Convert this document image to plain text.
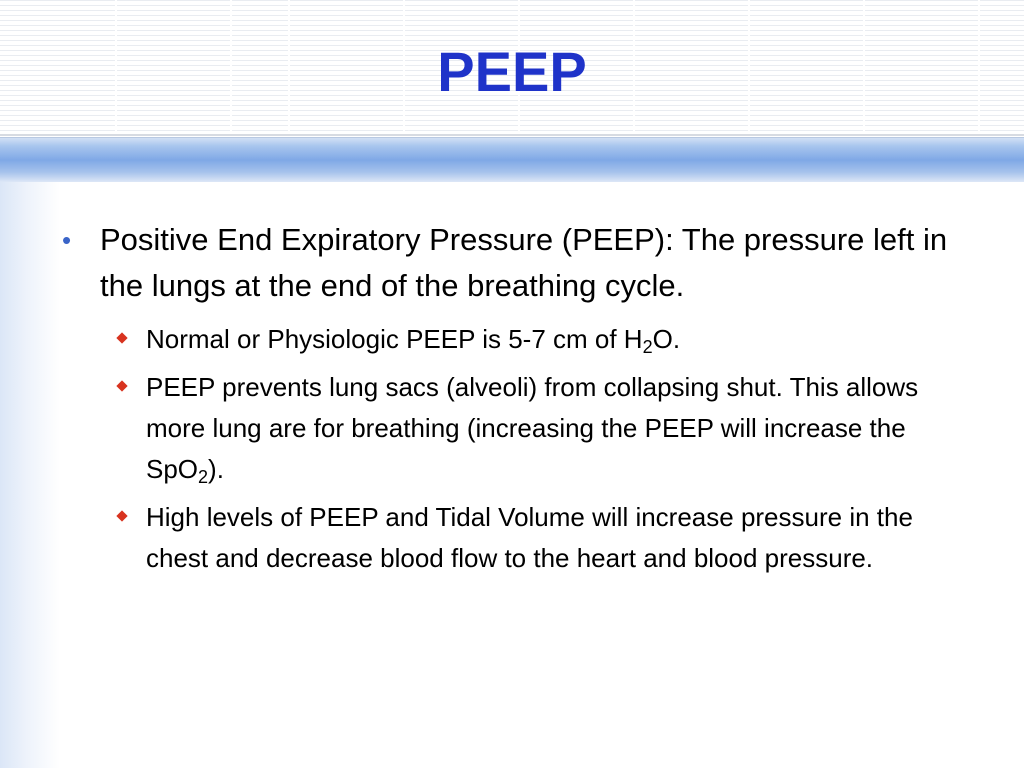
PEEP
• Positive End Expiratory Pressure (PEEP): The pressure left in the lungs at the end of the breathing cycle.
Normal or Physiologic PEEP is 5-7 cm of $H_2O$.
PEEP prevents lung sacs (alveoli) from collapsing shut. This allows more lung are for breathing (increasing the PEEP will increase the SpO$_2$).
High levels of PEEP and Tidal Volume will increase pressure in the chest and decrease blood flow to the heart and blood pressure.
